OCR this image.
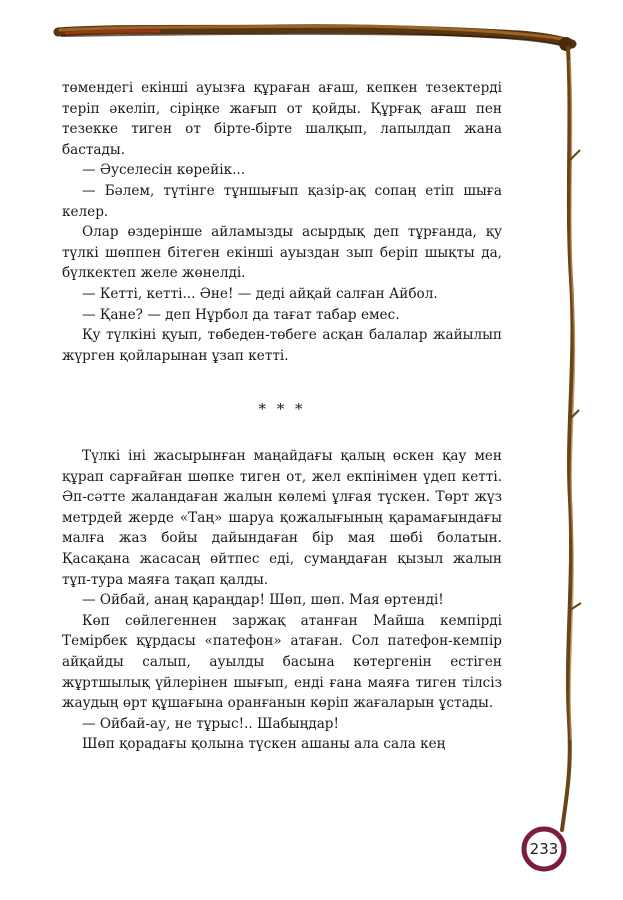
төмендегі екінші ауызға құраған ағаш, кепкен тезектерді теріп әкеліп, сіріңке жағып от қойды. Құрғақ ағаш пен тезекке тиген от бірте-бірте шалқып, лапылдап жана бастады.

— Әуселесін көрейік...

— Бәлем, түтінге тұншығып қазір-ақ сопаң етіп шыға келер.

Олар өздерінше айламызды асырдық деп тұрғанда, қу түлкі шөппен бітеген екінші ауыздан зып беріп шықты да, бүлкектеп желе жөнелді.

— Кетті, кетті... Әне! — деді айқай салған Айбол.

— Қане? — деп Нұрбол да тағат табар емес.

Қу түлкіні қуып, төбеден-төбеге асқан балалар жайылып жүрген қойларынан ұзап кетті.

* * *

Түлкі іні жасырынған маңайдағы қалың өскен қау мен құрап сарғайған шөпке тиген от, жел екпінімен үдеп кетті. Әп-сәтте жаландаған жалын көлемі ұлғая түскен. Төрт жүз метрдей жерде «Таң» шаруа қожалығының қарамағындағы малға жаз бойы дайындаған бір мая шөбі болатын. Қасақана жасасаң өйтпес еді, сумаңдаған қызыл жалын тұп-тура маяға тақап қалды.

— Ойбай, анаң қараңдар! Шөп, шөп. Мая өртенді!

Көп сөйлегеннен заржақ атанған Майша кемпірді Темірбек құрдасы «патефон» атаған. Сол патефон-кемпір айқайды салып, ауылды басына көтергенін естіген жұртшылық үйлерінен шығып, енді ғана маяға тиген тілсіз жаудың өрт құшағына оранғанын көріп жағаларын ұстады.

— Ойбай-ау, не тұрыс!.. Шабыңдар!

Шөп қорадағы қолына түскен ашаны ала сала кең

233
